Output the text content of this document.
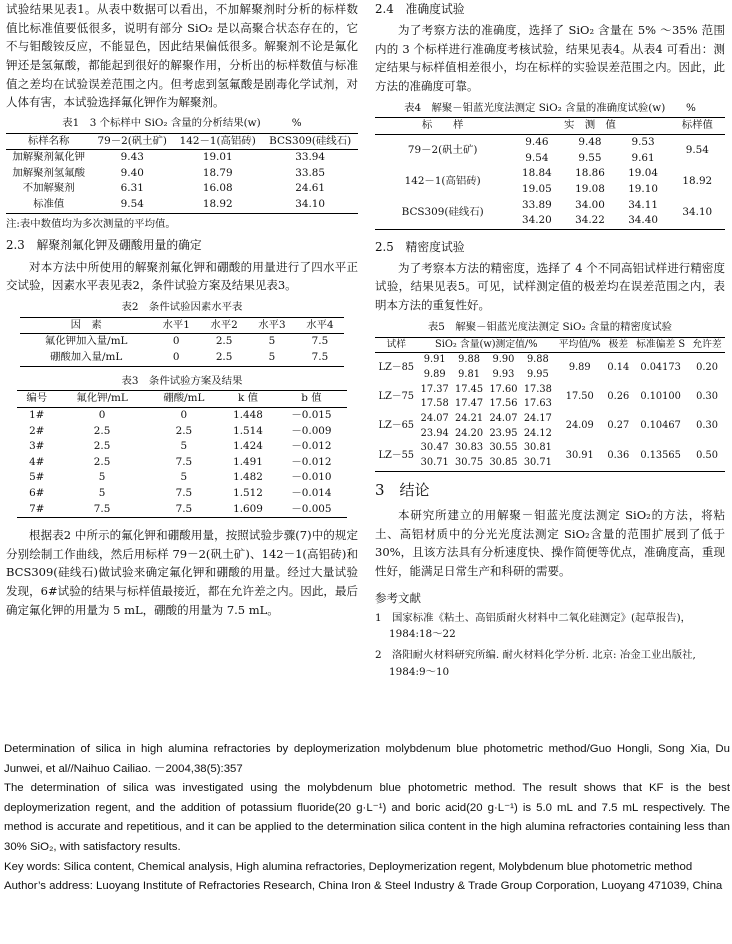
试验结果见表1。从表中数据可以看出，不加解聚剂时分析的标样数值比标准值要低很多，说明有部分 SiO₂ 是以高聚合状态存在的，它不与钼酸铵反应，不能显色，因此结果偏低很多。解聚剂不论是氟化钾还是氢氟酸，都能起到很好的解聚作用，分析出的标样数值与标准值之差均在试验误差范围之内。但考虑到氢氟酸是剧毒化学试剂，对人体有害，本试验选择氟化钾作为解聚剂。

表1　3 个标样中 SiO₂ 含量的分析结果(w)　　　%
标样名称	79－2(矾土矿)	142－1(高铝砖)	BCS309(硅线石)
加解聚剂氟化钾	9.43	19.01	33.94
加解聚剂氢氟酸	9.40	18.79	33.85
不加解聚剂	6.31	16.08	24.61
标准值	9.54	18.92	34.10
注:表中数值均为多次测量的平均值。
2.3　解聚剂氟化钾及硼酸用量的确定

对本方法中所使用的解聚剂氟化钾和硼酸的用量进行了四水平正交试验，因素水平表见表2，条件试验方案及结果见表3。

表2　条件试验因素水平表
因　素	水平1	水平2	水平3	水平4
氟化钾加入量/mL	0	2.5	5	7.5
硼酸加入量/mL	0	2.5	5	7.5
表3　条件试验方案及结果
编号	氟化钾/mL	硼酸/mL	k 值	b 值
1#	0	0	1.448	－0.015
2#	2.5	2.5	1.514	－0.009
3#	2.5	5	1.424	－0.012
4#	2.5	7.5	1.491	－0.012
5#	5	5	1.482	－0.010
6#	5	7.5	1.512	－0.014
7#	7.5	7.5	1.609	－0.005

根据表2 中所示的氟化钾和硼酸用量，按照试验步骤(7)中的规定分别绘制工作曲线，然后用标样 79－2(矾土矿)、142－1(高铝砖)和 BCS309(硅线石)做试验来确定氟化钾和硼酸的用量。经过大量试验发现，6#试验的结果与标样值最接近，都在允许差之内。因此，最后确定氟化钾的用量为 5 mL，硼酸的用量为 7.5 mL。

2.4　准确度试验

为了考察方法的准确度，选择了 SiO₂ 含量在 5% ～35% 范围内的 3 个标样进行准确度考核试验，结果见表4。从表4 可看出：测定结果与标样值相差很小，均在标样的实验误差范围之内。因此，此方法的准确度可靠。

表4　解聚－钼蓝光度法测定 SiO₂ 含量的准确度试验(w)　　%
标　　样	实　测　值			标样值
79－2(矾土矿)	9.46	9.48	9.53	9.54
	9.54	9.55	9.61	
142－1(高铝砖)	18.84	18.86	19.04	18.92
	19.05	19.08	19.10	
BCS309(硅线石)	33.89	34.00	34.11	34.10
	34.20	34.22	34.40	
2.5　精密度试验

为了考察本方法的精密度，选择了 4 个不同高铝试样进行精密度试验，结果见表5。可见，试样测定值的极差均在误差范围之内，表明本方法的重复性好。

表5　解聚－钼蓝光度法测定 SiO₂ 含量的精密度试验
试样	SiO₂ 含量(w)测定值/%				平均值/%	极差	标准偏差 S	允许差
LZ－85	9.91	9.88	9.90	9.88	9.89	0.14	0.04173	0.20
	9.89	9.81	9.93	9.95				
LZ－75	17.37	17.45	17.60	17.38	17.50	0.26	0.10100	0.30
	17.58	17.47	17.56	17.63				
LZ－65	24.07	24.21	24.07	24.17	24.09	0.27	0.10467	0.30
	23.94	24.20	23.95	24.12				
LZ－55	30.47	30.83	30.55	30.81	30.91	0.36	0.13565	0.50
	30.71	30.75	30.85	30.71				
3　结论

本研究所建立的用解聚－钼蓝光度法测定 SiO₂的方法，将粘土、高铝材质中的分光光度法测定 SiO₂含量的范围扩展到了低于 30%，且该方法具有分析速度快、操作简便等优点，准确度高，重现性好，能满足日常生产和科研的需要。

参考文献
1　国家标准《粘土、高铝质耐火材料中二氧化硅测定》(起草报告)，1984:18～22
2　洛阳耐火材料研究所编. 耐火材料化学分析. 北京: 冶金工业出版社, 1984:9～10

Determination of silica in high alumina refractories by deploymerization molybdenum blue photometric method/Guo Hongli, Song Xia, Du Junwei, et al//Naihuo Cailiao. －2004,38(5):357

The determination of silica was investigated using the molybdenum blue photometric method. The result shows that KF is the best deploymerization regent, and the addition of potassium fluoride(20 g·L⁻¹) and boric acid(20 g·L⁻¹) is 5.0 mL and 7.5 mL respectively. The method is accurate and repetitious, and it can be applied to the determination silica content in the high alumina refractories containing less than 30% SiO₂, with satisfactory results.

Key words: Silica content, Chemical analysis, High alumina refractories, Deploymerization regent, Molybdenum blue photometric method

Author’s address: Luoyang Institute of Refractories Research, China Iron & Steel Industry & Trade Group Corporation, Luoyang 471039, China
